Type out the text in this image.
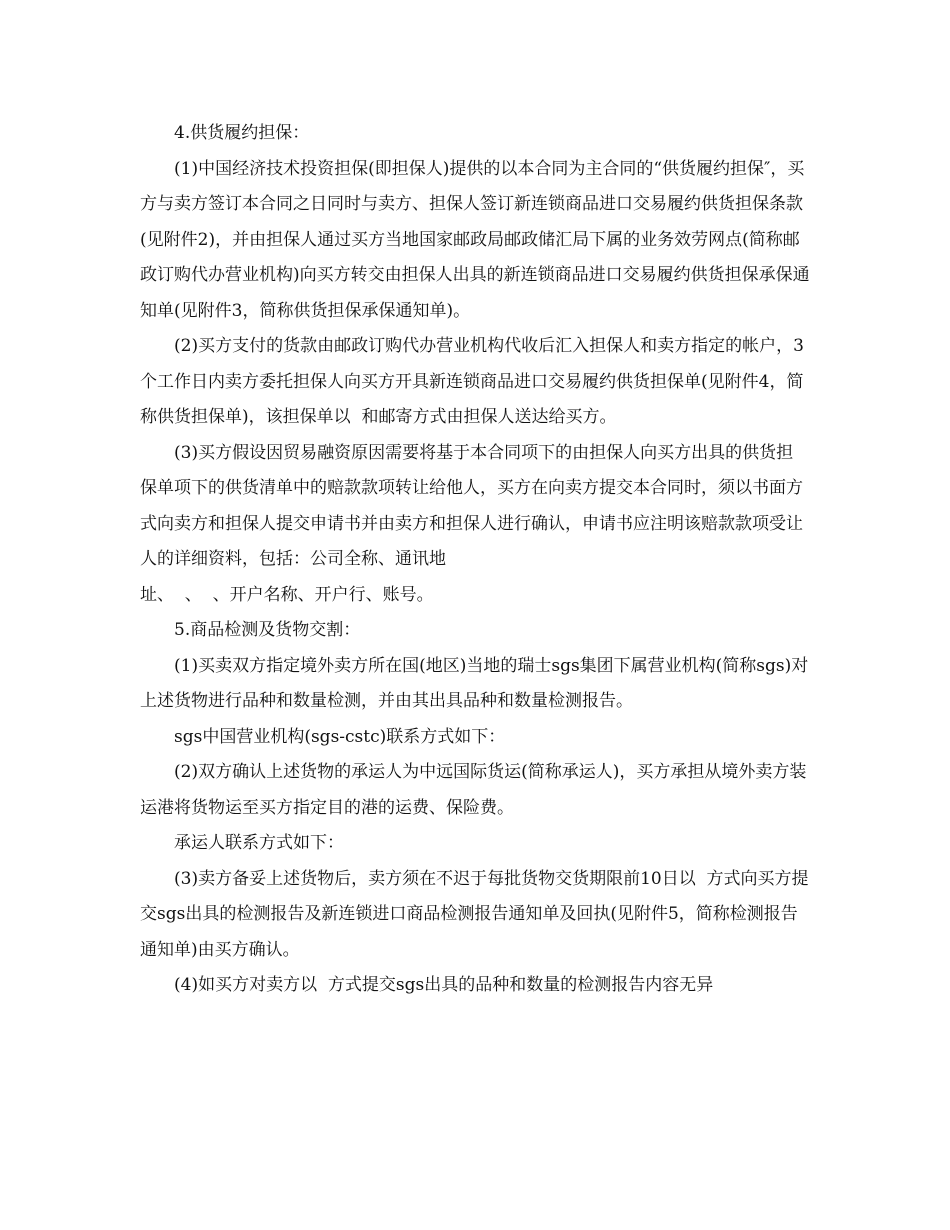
4.供货履约担保：

(1)中国经济技术投资担保(即担保人)提供的以本合同为主合同的“供货履约担保″，买方与卖方签订本合同之日同时与卖方、担保人签订新连锁商品进口交易履约供货担保条款(见附件2)，并由担保人通过买方当地国家邮政局邮政储汇局下属的业务效劳网点(简称邮政订购代办营业机构)向买方转交由担保人出具的新连锁商品进口交易履约供货担保承保通知单(见附件3，简称供货担保承保通知单)。

(2)买方支付的货款由邮政订购代办营业机构代收后汇入担保人和卖方指定的帐户，3个工作日内卖方委托担保人向买方开具新连锁商品进口交易履约供货担保单(见附件4，简称供货担保单)，该担保单以  和邮寄方式由担保人送达给买方。

(3)买方假设因贸易融资原因需要将基于本合同项下的由担保人向买方出具的供货担保单项下的供货清单中的赔款款项转让给他人，买方在向卖方提交本合同时，须以书面方式向卖方和担保人提交申请书并由卖方和担保人进行确认，申请书应注明该赔款款项受让人的详细资料，包括：公司全称、通讯地

址、  、  、开户名称、开户行、账号。

5.商品检测及货物交割：

(1)买卖双方指定境外卖方所在国(地区)当地的瑞士sgs集团下属营业机构(简称sgs)对上述货物进行品种和数量检测，并由其出具品种和数量检测报告。

sgs中国营业机构(sgs-cstc)联系方式如下：

(2)双方确认上述货物的承运人为中远国际货运(简称承运人)，买方承担从境外卖方装运港将货物运至买方指定目的港的运费、保险费。

承运人联系方式如下：

(3)卖方备妥上述货物后，卖方须在不迟于每批货物交货期限前10日以  方式向买方提交sgs出具的检测报告及新连锁进口商品检测报告通知单及回执(见附件5，简称检测报告通知单)由买方确认。

(4)如买方对卖方以  方式提交sgs出具的品种和数量的检测报告内容无异
